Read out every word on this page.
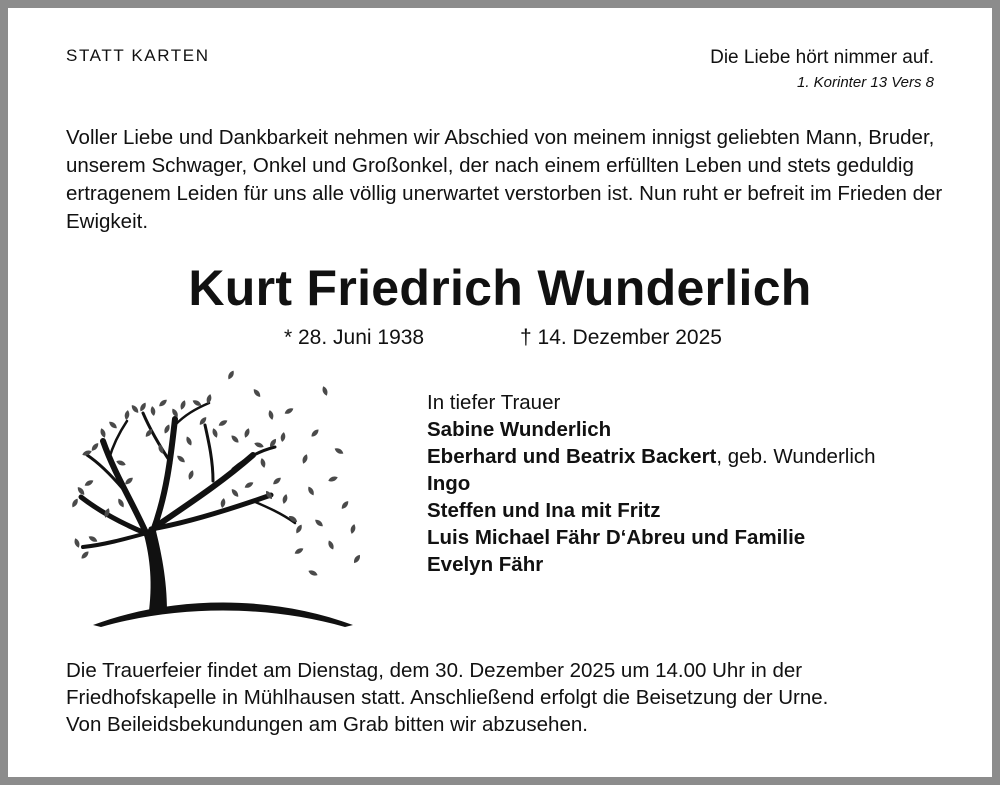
STATT KARTEN	Die Liebe hört nimmer auf.
1. Korinter 13 Vers 8
Voller Liebe und Dankbarkeit nehmen wir Abschied von meinem innigst geliebten Mann, Bruder, unserem Schwager, Onkel und Großonkel, der nach einem erfüllten Leben und stets geduldig ertragenem Leiden für uns alle völlig unerwartet verstorben ist. Nun ruht er befreit im Frieden der Ewigkeit.
Kurt Friedrich Wunderlich
* 28. Juni 1938	† 14. Dezember 2025
In tiefer Trauer
Sabine Wunderlich
Eberhard und Beatrix Backert, geb. Wunderlich
Ingo
Steffen und Ina mit Fritz
Luis Michael Fähr D‘Abreu und Familie
Evelyn Fähr
Die Trauerfeier findet am Dienstag, dem 30. Dezember 2025 um 14.00 Uhr in der
Friedhofskapelle in Mühlhausen statt. Anschließend erfolgt die Beisetzung der Urne.
Von Beileidsbekundungen am Grab bitten wir abzusehen.
